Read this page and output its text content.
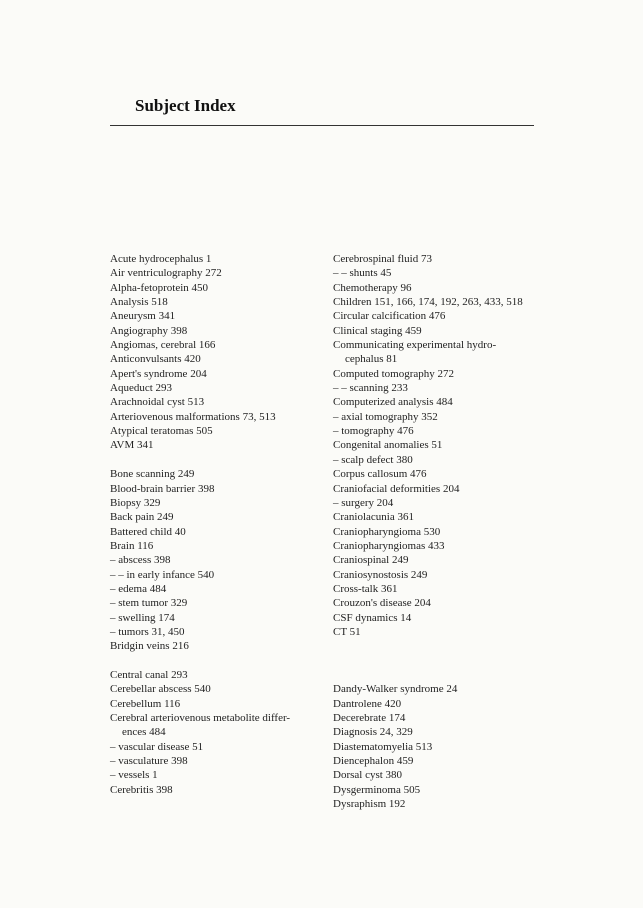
Subject Index
Acute hydrocephalus 1
Air ventriculography 272
Alpha-fetoprotein 450
Analysis 518
Aneurysm 341
Angiography 398
Angiomas, cerebral 166
Anticonvulsants 420
Apert's syndrome 204
Aqueduct 293
Arachnoidal cyst 513
Arteriovenous malformations 73, 513
Atypical teratomas 505
AVM 341
Bone scanning 249
Blood-brain barrier 398
Biopsy 329
Back pain 249
Battered child 40
Brain 116
– abscess 398
– – in early infance 540
– edema 484
– stem tumor 329
– swelling 174
– tumors 31, 450
Bridgin veins 216
Central canal 293
Cerebellar abscess 540
Cerebellum 116
Cerebral arteriovenous metabolite differ-
ences 484
– vascular disease 51
– vasculature 398
– vessels 1
Cerebritis 398
Cerebrospinal fluid 73
– – shunts 45
Chemotherapy 96
Children 151, 166, 174, 192, 263, 433, 518
Circular calcification 476
Clinical staging 459
Communicating experimental hydro-
cephalus 81
Computed tomography 272
– – scanning 233
Computerized analysis 484
– axial tomography 352
– tomography 476
Congenital anomalies 51
– scalp defect 380
Corpus callosum 476
Craniofacial deformities 204
– surgery 204
Craniolacunia 361
Craniopharyngioma 530
Craniopharyngiomas 433
Craniospinal 249
Craniosynostosis 249
Cross-talk 361
Crouzon's disease 204
CSF dynamics 14
CT 51
Dandy-Walker syndrome 24
Dantrolene 420
Decerebrate 174
Diagnosis 24, 329
Diastematomyelia 513
Diencephalon 459
Dorsal cyst 380
Dysgerminoma 505
Dysraphism 192
